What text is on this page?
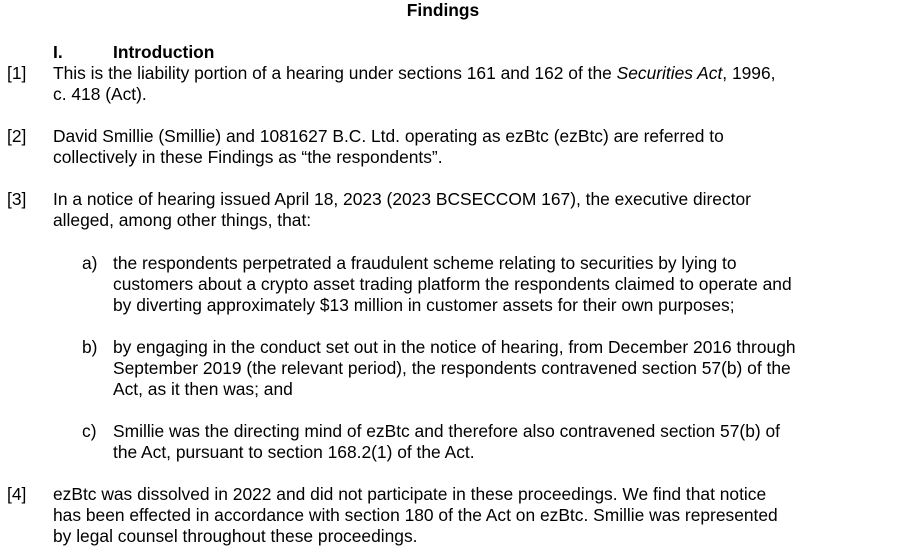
Findings
I.	Introduction
[1] This is the liability portion of a hearing under sections 161 and 162 of the Securities Act, 1996,
c. 418 (Act).
[2] David Smillie (Smillie) and 1081627 B.C. Ltd. operating as ezBtc (ezBtc) are referred to
collectively in these Findings as “the respondents”.
[3] In a notice of hearing issued April 18, 2023 (2023 BCSECCOM 167), the executive director
alleged, among other things, that:
a) the respondents perpetrated a fraudulent scheme relating to securities by lying to
customers about a crypto asset trading platform the respondents claimed to operate and
by diverting approximately $13 million in customer assets for their own purposes;
b) by engaging in the conduct set out in the notice of hearing, from December 2016 through
September 2019 (the relevant period), the respondents contravened section 57(b) of the
Act, as it then was; and
c) Smillie was the directing mind of ezBtc and therefore also contravened section 57(b) of
the Act, pursuant to section 168.2(1) of the Act.
[4] ezBtc was dissolved in 2022 and did not participate in these proceedings. We find that notice
has been effected in accordance with section 180 of the Act on ezBtc. Smillie was represented
by legal counsel throughout these proceedings.
